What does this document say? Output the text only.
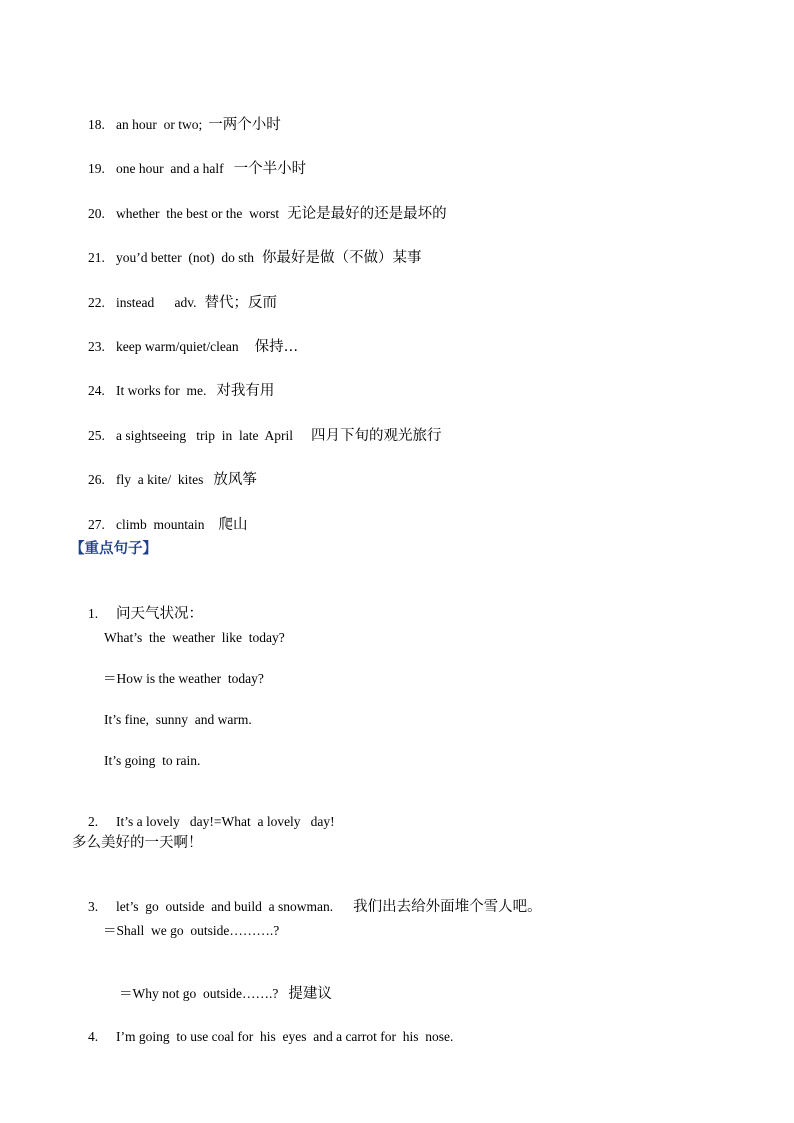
18. an hour  or two; 一两个小时

19. one hour  and a half 一个半小时

20. whether  the best or the  worst 无论是最好的还是最坏的

21. you’d better  (not)  do sth 你最好是做（不做）某事

22. instead      adv. 替代；反而

23. keep warm/quiet/clean 保持…

24. It works for  me. 对我有用

25. a sightseeing   trip  in  late  April 四月下旬的观光旅行

26. fly  a kite/  kites 放风筝

27. climb  mountain 爬山

【重点句子】

1. 问天气状况：

What’s  the  weather  like  today?
＝How is the weather  today?
It’s fine,  sunny  and warm.
It’s going  to rain.

2. It’s a lovely   day!=What  a lovely   day!

多么美好的一天啊！

3. let’s  go  outside  and build  a snowman. 我们出去给外面堆个雪人吧。

＝Shall  we go  outside……….?

＝Why not go  outside…….? 提建议

4. I’m going  to use coal for  his  eyes  and a carrot for  his  nose.
